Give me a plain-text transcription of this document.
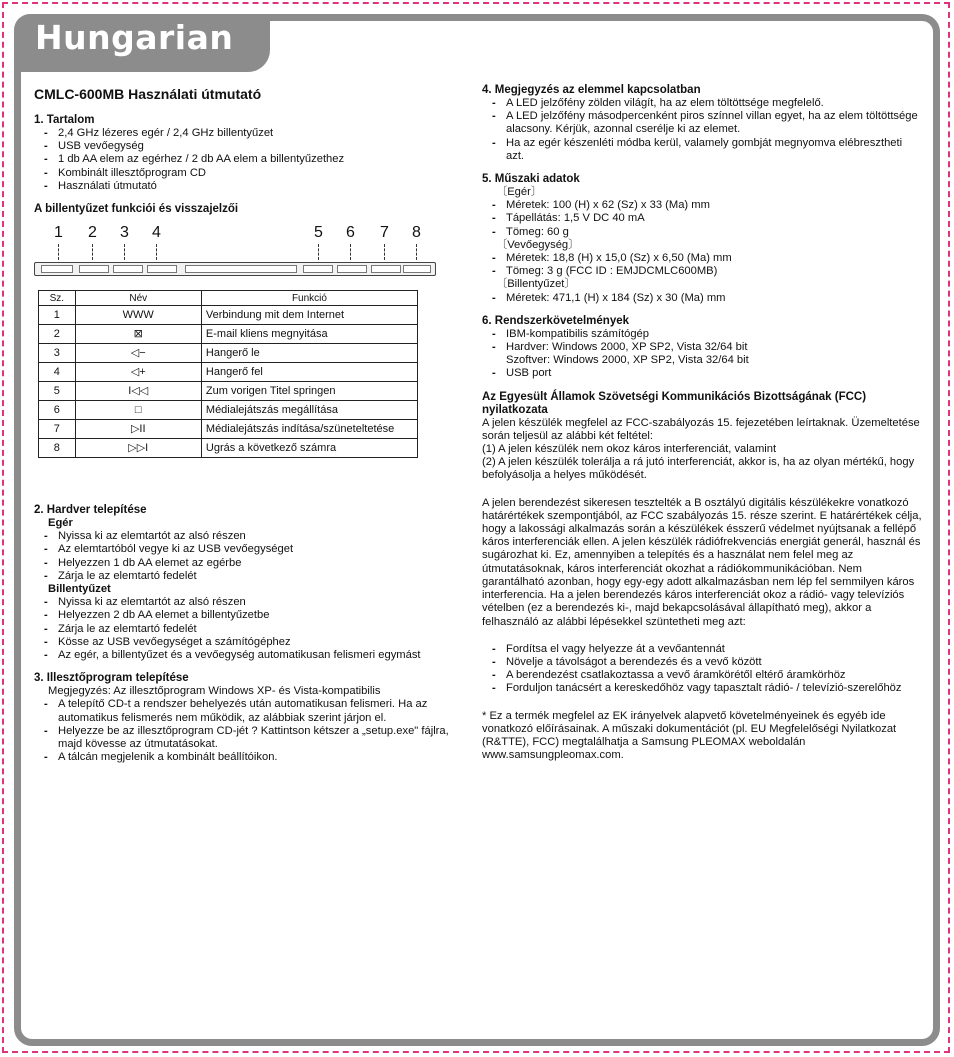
Hungarian
CMLC-600MB Használati útmutató
1. Tartalom
- 2,4 GHz lézeres egér / 2,4 GHz billentyűzet
- USB vevőegység
- 1 db AA elem az egérhez / 2 db AA elem a billentyűzethez
- Kombinált illesztőprogram CD
- Használati útmutató
A billentyűzet funkciói és visszajelzői
1 2 3 4	5 6 7 8
Sz.	Név	Funkció
1	WWW	Verbindung mit dem Internet
2	⊠	E-mail kliens megnyitása
3	◁−	Hangerő le
4	◁+	Hangerő fel
5	I◁◁	Zum vorigen Titel springen
6	□	Médialejátszás megállítása
7	▷II	Médialejátszás indítása/szüneteltetése
8	▷▷I	Ugrás a következő számra
2. Hardver telepítése

Egér

- Nyissa ki az elemtartót az alsó részen
- Az elemtartóból vegye ki az USB vevőegységet
- Helyezzen 1 db AA elemet az egérbe
- Zárja le az elemtartó fedelét

Billentyűzet

- Nyissa ki az elemtartót az alsó részen
- Helyezzen 2 db AA elemet a billentyűzetbe
- Zárja le az elemtartó fedelét
- Kösse az USB vevőegységet a számítógéphez
- Az egér, a billentyűzet és a vevőegység automatikusan felismeri egymást
3. Illesztőprogram telepítése

Megjegyzés: Az illesztőprogram Windows XP- és Vista-kompatibilis

- A telepítő CD-t a rendszer behelyezés után automatikusan felismeri. Ha az automatikus felismerés nem működik, az alábbiak szerint járjon el.
- Helyezze be az illesztőprogram CD-jét ? Kattintson kétszer a „setup.exe" fájlra, majd kövesse az útmutatásokat.
- A tálcán megjelenik a kombinált beállítóikon.
4. Megjegyzés az elemmel kapcsolatban
- A LED jelzőfény zölden világít, ha az elem töltöttsége megfelelő.
- A LED jelzőfény másodpercenként piros színnel villan egyet, ha az elem töltöttsége alacsony. Kérjük, azonnal cserélje ki az elemet.
- Ha az egér készenléti módba kerül, valamely gombját megnyomva elébresztheti azt.
5. Műszaki adatok

〔Egér〕

- Méretek: 100 (H) x 62 (Sz) x 33 (Ma) mm
- Tápellátás: 1,5 V DC 40 mA
- Tömeg: 60 g

〔Vevőegység〕

- Méretek: 18,8 (H) x 15,0 (Sz) x 6,50 (Ma) mm
- Tömeg: 3 g (FCC ID : EMJDCMLC600MB)

〔Billentyűzet〕

- Méretek: 471,1 (H) x 184 (Sz) x 30 (Ma) mm
6. Rendszerkövetelmények
- IBM-kompatibilis számítógép
- Hardver: Windows 2000, XP SP2, Vista 32/64 bit

Szoftver: Windows 2000, XP SP2, Vista 32/64 bit

- USB port
Az Egyesült Államok Szövetségi Kommunikációs Bizottságának (FCC) nyilatkozata

A jelen készülék megfelel az FCC-szabályozás 15. fejezetében leírtaknak. Üzemeltetése során teljesül az alábbi két feltétel:

(1) A jelen készülék nem okoz káros interferenciát, valamint

(2) A jelen készülék tolerálja a rá jutó interferenciát, akkor is, ha az olyan mértékű, hogy befolyásolja a helyes működését.

A jelen berendezést sikeresen tesztelték a B osztályú digitális készülékekre vonatkozó határértékek szempontjából, az FCC szabályozás 15. része szerint. E határértékek célja, hogy a lakossági alkalmazás során a készülékek ésszerű védelmet nyújtsanak a fellépő káros interferenciák ellen. A jelen készülék rádiófrekvenciás energiát generál, használ és sugározhat ki. Ez, amennyiben a telepítés és a használat nem felel meg az útmutatásoknak, káros interferenciát okozhat a rádiókommunikációban. Nem garantálható azonban, hogy egy-egy adott alkalmazásban nem lép fel semmilyen káros interferencia. Ha a jelen berendezés káros interferenciát okoz a rádió- vagy televíziós vételben (ez a berendezés ki-, majd bekapcsolásával állapítható meg), akkor a felhasználó az alábbi lépésekkel szüntetheti meg azt:

- Fordítsa el vagy helyezze át a vevőantennát
- Növelje a távolságot a berendezés és a vevő között
- A berendezést csatlakoztassa a vevő áramkörétől eltérő áramkörhöz
- Forduljon tanácsért a kereskedőhöz vagy tapasztalt rádió- / televízió-szerelőhöz

* Ez a termék megfelel az EK irányelvek alapvető követelményeinek és egyéb ide vonatkozó előírásainak. A műszaki dokumentációt (pl. EU Megfelelőségi Nyilatkozat (R&TTE), FCC) megtalálhatja a Samsung PLEOMAX weboldalán www.samsungpleomax.com.
